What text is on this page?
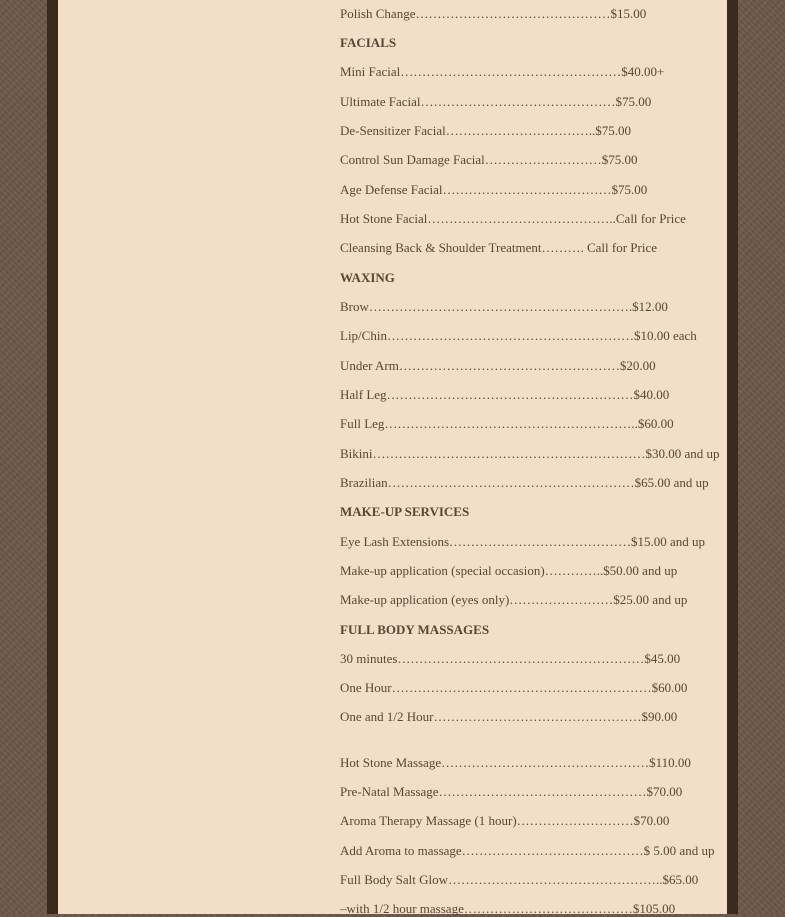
Polish Change………………………………………$15.00
FACIALS
Mini Facial……………………………………………$40.00+
Ultimate Facial………………………………………$75.00
De-Sensitizer Facial……………………………..$75.00
Control Sun Damage Facial………………………$75.00
Age Defense Facial…………………………………$75.00
Hot Stone Facial……………………………………..Call for Price
Cleansing Back & Shoulder Treatment………. Call for Price
WAXING
Brow…………………………………………………….$12.00
Lip/Chin…………………………………………………$10.00 each
Under Arm……………………………………………$20.00
Half Leg…………………………………………………$40.00
Full Leg…………………………………………………..$60.00
Bikini………………………………………………………$30.00 and up
Brazilian…………………………………………………$65.00 and up
MAKE-UP SERVICES
Eye Lash Extensions……………………………………$15.00 and up
Make-up application (special occasion)…………..$50.00 and up
Make-up application (eyes only)……………………$25.00 and up
FULL BODY MASSAGES
30 minutes…………………………………………………$45.00
One Hour……………………………………………………$60.00
One and 1/2 Hour…………………………………………$90.00
Hot Stone Massage…………………………………………$110.00
Pre-Natal Massage…………………………………………$70.00
Aroma Therapy Massage (1 hour)………………………$70.00
Add Aroma to massage……………………………………$ 5.00 and up
Full Body Salt Glow…………………………………………..$65.00
–with 1/2 hour massage…………………………………$105.00
